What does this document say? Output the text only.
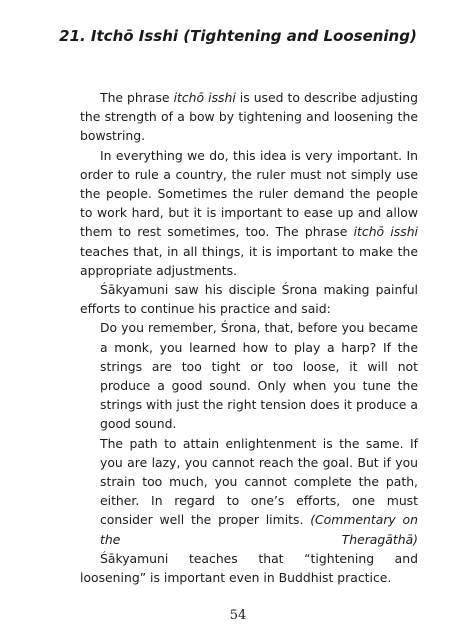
21. Itchō Isshi (Tightening and Loosening)

The phrase itchō isshi is used to describe adjusting the strength of a bow by tightening and loosening the bowstring.

In everything we do, this idea is very important. In order to rule a country, the ruler must not simply use the people. Sometimes the ruler demand the people to work hard, but it is important to ease up and allow them to rest sometimes, too. The phrase itchō isshi teaches that, in all things, it is important to make the appropriate adjustments.

Śākyamuni saw his disciple Śrona making painful efforts to continue his practice and said:

Do you remember, Śrona, that, before you became a monk, you learned how to play a harp? If the strings are too tight or too loose, it will not produce a good sound. Only when you tune the strings with just the right tension does it produce a good sound.

The path to attain enlightenment is the same. If you are lazy, you cannot reach the goal. But if you strain too much, you cannot complete the path, either. In regard to one’s efforts, one must consider well the proper limits. (Commentary on the Theragāthā)

Śākyamuni teaches that “tightening and loosening” is important even in Buddhist practice.

54
